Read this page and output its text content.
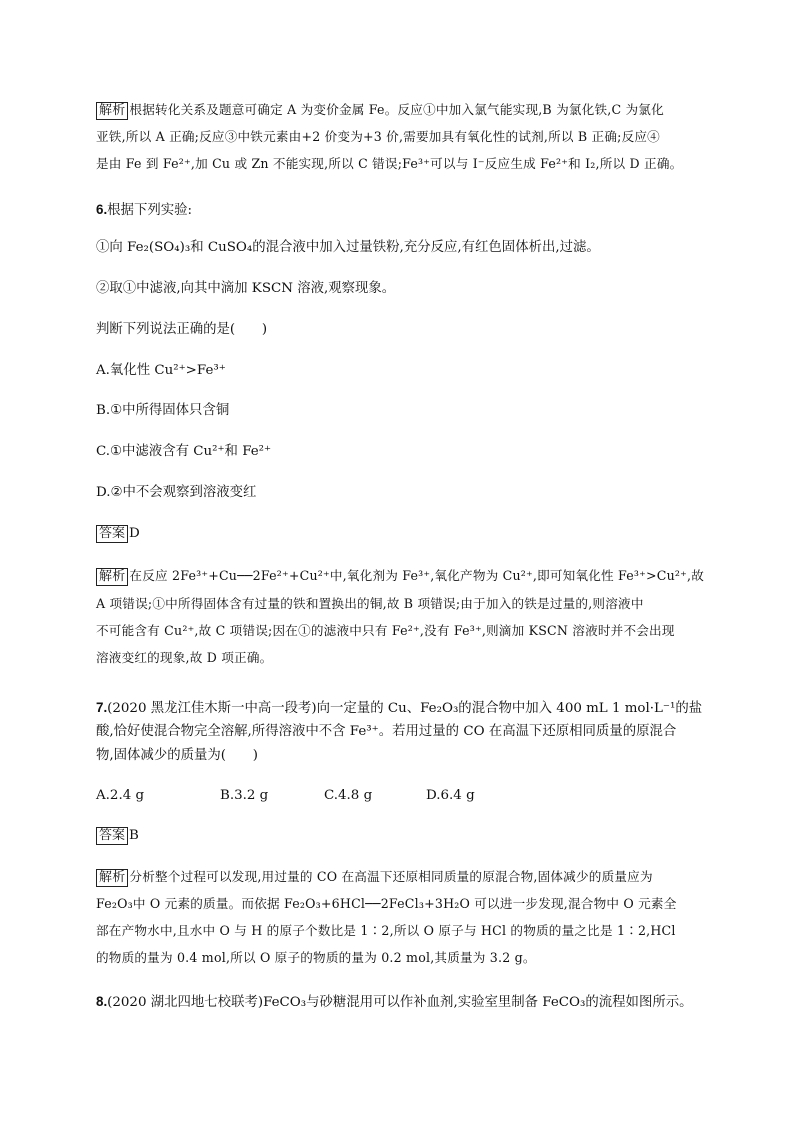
解析 根据转化关系及题意可确定 A 为变价金属 Fe。反应①中加入氯气能实现,B 为氯化铁,C 为氯化
亚铁,所以 A 正确;反应③中铁元素由+2 价变为+3 价,需要加具有氧化性的试剂,所以 B 正确;反应④
是由 Fe 到 Fe²⁺,加 Cu 或 Zn 不能实现,所以 C 错误;Fe³⁺可以与 I⁻反应生成 Fe²⁺和 I₂,所以 D 正确。
6.根据下列实验:
①向 Fe₂(SO₄)₃和 CuSO₄的混合液中加入过量铁粉,充分反应,有红色固体析出,过滤。
②取①中滤液,向其中滴加 KSCN 溶液,观察现象。
判断下列说法正确的是(　　)
A.氧化性 Cu²⁺>Fe³⁺
B.①中所得固体只含铜
C.①中滤液含有 Cu²⁺和 Fe²⁺
D.②中不会观察到溶液变红
答案 D
解析 在反应 2Fe³⁺+Cu──2Fe²⁺+Cu²⁺中,氧化剂为 Fe³⁺,氧化产物为 Cu²⁺,即可知氧化性 Fe³⁺>Cu²⁺,故
A 项错误;①中所得固体含有过量的铁和置换出的铜,故 B 项错误;由于加入的铁是过量的,则溶液中
不可能含有 Cu²⁺,故 C 项错误;因在①的滤液中只有 Fe²⁺,没有 Fe³⁺,则滴加 KSCN 溶液时并不会出现
溶液变红的现象,故 D 项正确。
7.(2020 黑龙江佳木斯一中高一段考)向一定量的 Cu、Fe₂O₃的混合物中加入 400 mL 1 mol·L⁻¹的盐
酸,恰好使混合物完全溶解,所得溶液中不含 Fe³⁺。若用过量的 CO 在高温下还原相同质量的原混合
物,固体减少的质量为(　　)
A.2.4 g	B.3.2 g	C.4.8 g	D.6.4 g
答案 B
解析 分析整个过程可以发现,用过量的 CO 在高温下还原相同质量的原混合物,固体减少的质量应为
Fe₂O₃中 O 元素的质量。而依据 Fe₂O₃+6HCl──2FeCl₃+3H₂O 可以进一步发现,混合物中 O 元素全
部在产物水中,且水中 O 与 H 的原子个数比是 1∶2,所以 O 原子与 HCl 的物质的量之比是 1∶2,HCl
的物质的量为 0.4 mol,所以 O 原子的物质的量为 0.2 mol,其质量为 3.2 g。
8.(2020 湖北四地七校联考)FeCO₃与砂糖混用可以作补血剂,实验室里制备 FeCO₃的流程如图所示。
